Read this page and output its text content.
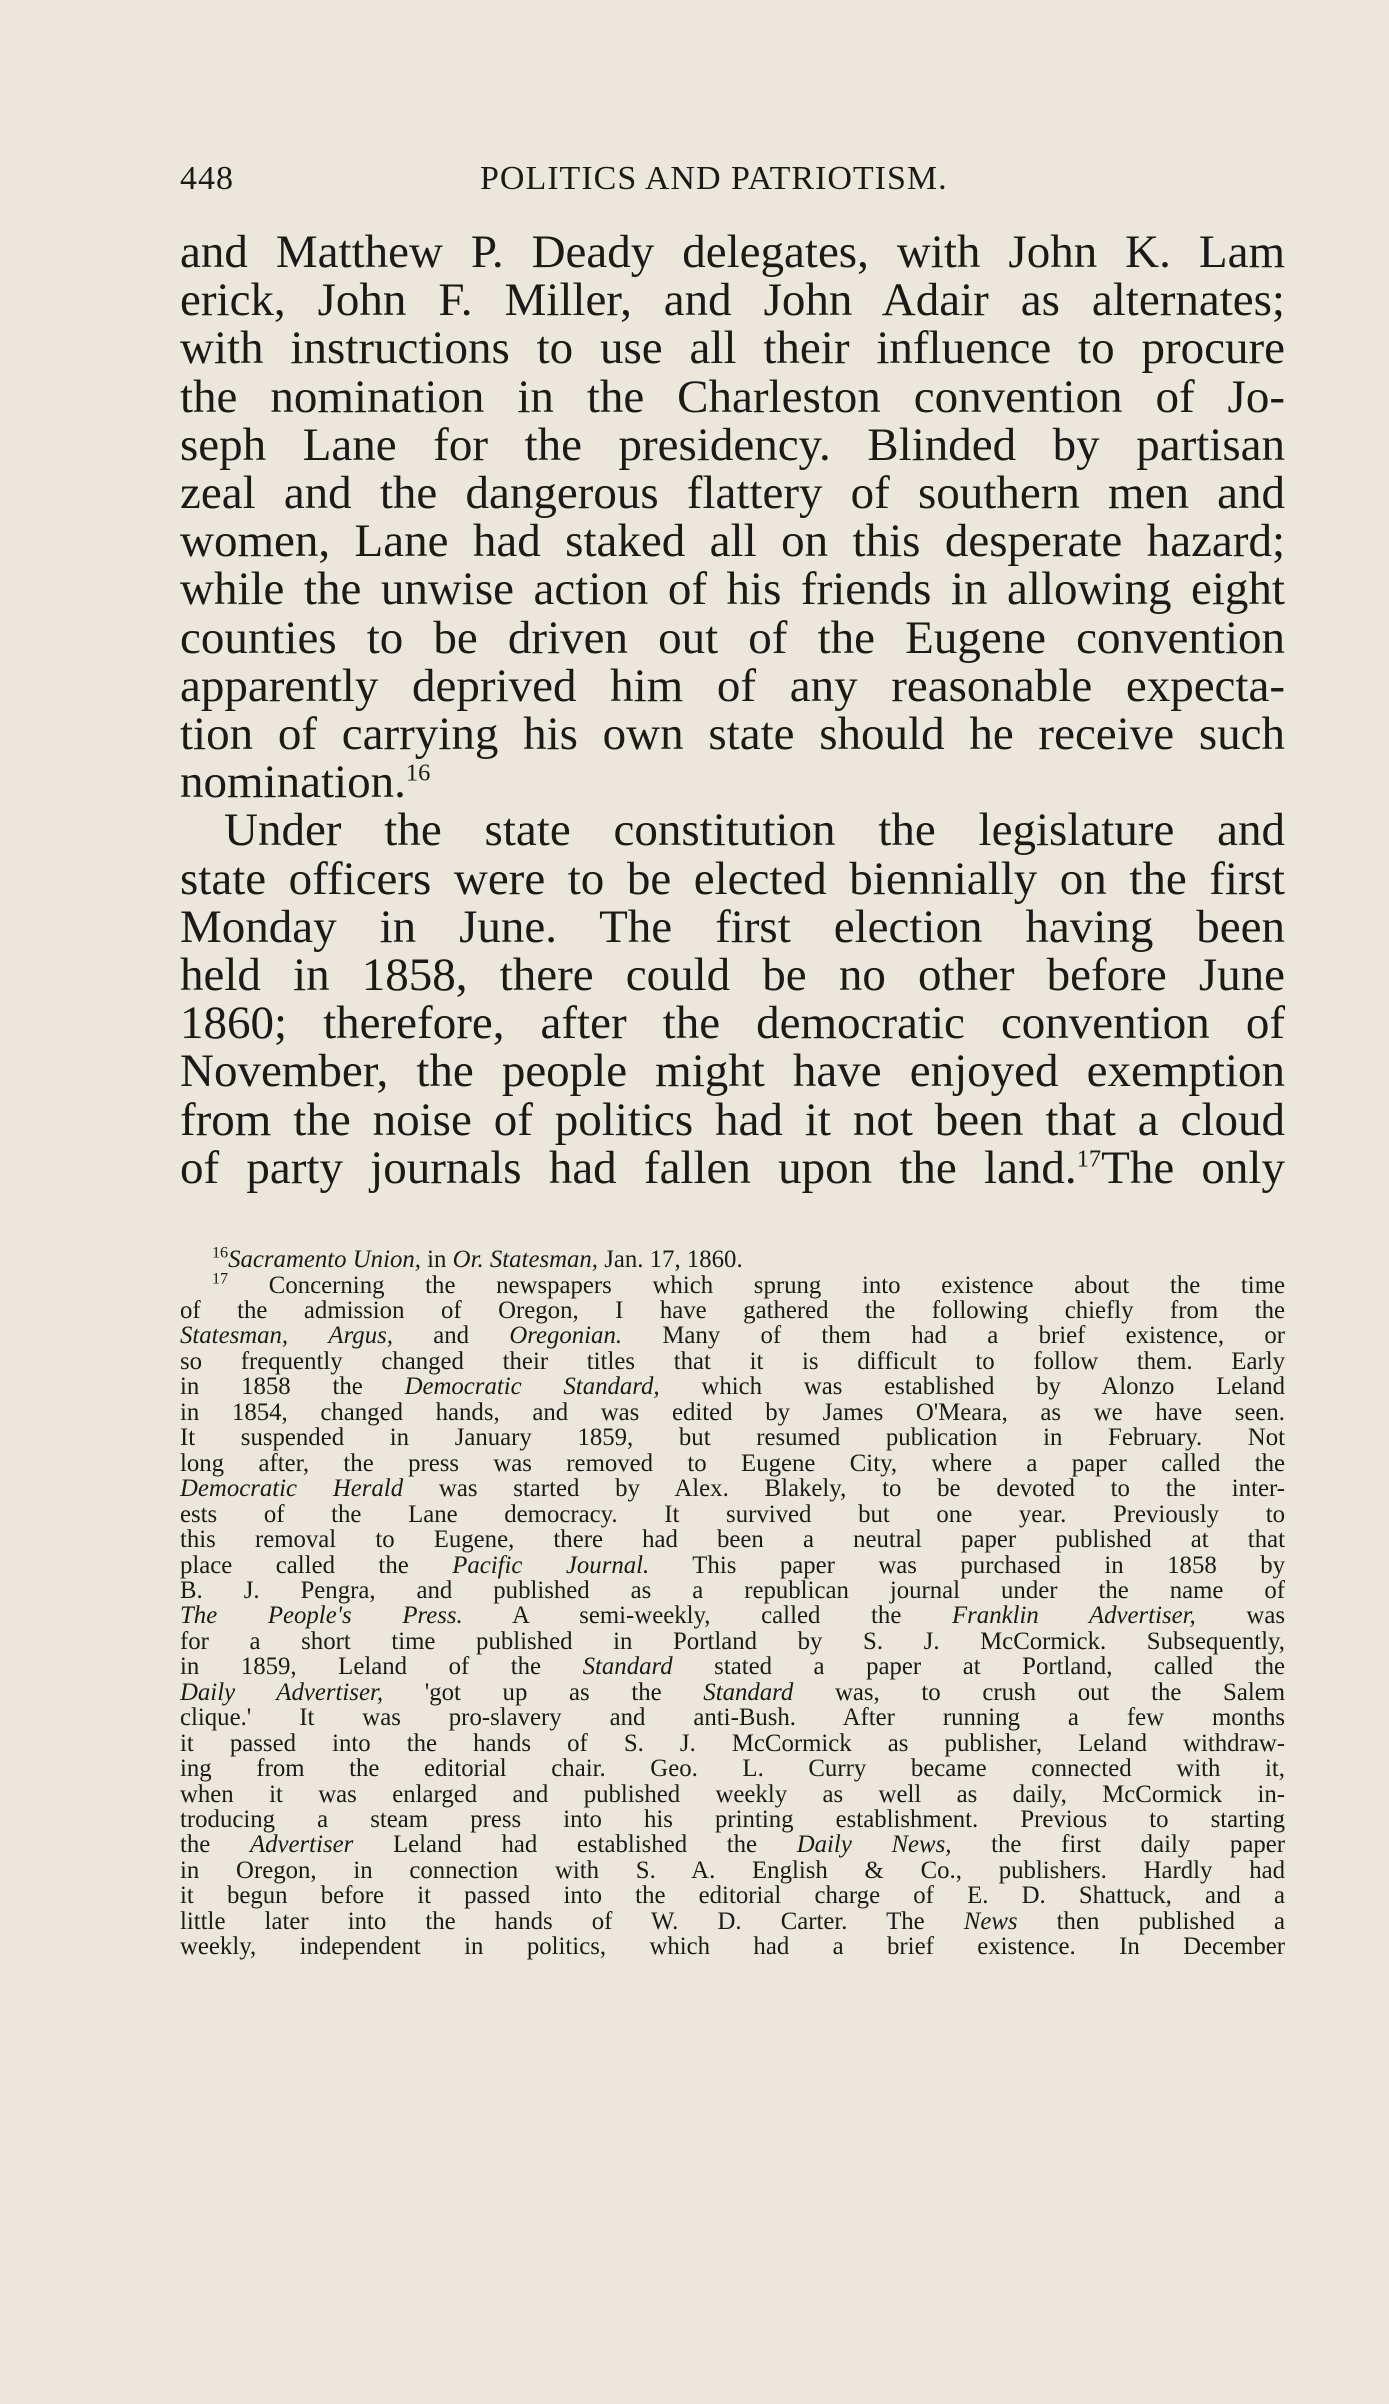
448	POLITICS AND PATRIOTISM.
and Matthew P. Deady delegates, with John K. Lam
erick, John F. Miller, and John Adair as alternates;
with instructions to use all their influence to procure
the nomination in the Charleston convention of Jo-
seph Lane for the presidency. Blinded by partisan
zeal and the dangerous flattery of southern men and
women, Lane had staked all on this desperate hazard;
while the unwise action of his friends in allowing eight
counties to be driven out of the Eugene convention
apparently deprived him of any reasonable expecta-
tion of carrying his own state should he receive such
nomination.$^{16}$
Under the state constitution the legislature and
state officers were to be elected biennially on the first
Monday in June. The first election having been
held in 1858, there could be no other before June
1860; therefore, after the democratic convention of
November, the people might have enjoyed exemption
from the noise of politics had it not been that a cloud
of party journals had fallen upon the land.$^{17}$The only
$^{16}$Sacramento Union, in Or. Statesman, Jan. 17, 1860.
$^{17}$ Concerning the newspapers which sprung into existence about the time
of the admission of Oregon, I have gathered the following chiefly from the
Statesman, Argus, and Oregonian. Many of them had a brief existence, or
so frequently changed their titles that it is difficult to follow them. Early
in 1858 the Democratic Standard, which was established by Alonzo Leland
in 1854, changed hands, and was edited by James O'Meara, as we have seen.
It suspended in January 1859, but resumed publication in February. Not
long after, the press was removed to Eugene City, where a paper called the
Democratic Herald was started by Alex. Blakely, to be devoted to the inter-
ests of the Lane democracy. It survived but one year. Previously to
this removal to Eugene, there had been a neutral paper published at that
place called the Pacific Journal. This paper was purchased in 1858 by
B. J. Pengra, and published as a republican journal under the name of
The People's Press. A semi-weekly, called the Franklin Advertiser, was
for a short time published in Portland by S. J. McCormick. Subsequently,
in 1859, Leland of the Standard stated a paper at Portland, called the
Daily Advertiser, 'got up as the Standard was, to crush out the Salem
clique.' It was pro-slavery and anti-Bush. After running a few months
it passed into the hands of S. J. McCormick as publisher, Leland withdraw-
ing from the editorial chair. Geo. L. Curry became connected with it,
when it was enlarged and published weekly as well as daily, McCormick in-
troducing a steam press into his printing establishment. Previous to starting
the Advertiser Leland had established the Daily News, the first daily paper
in Oregon, in connection with S. A. English & Co., publishers. Hardly had
it begun before it passed into the editorial charge of E. D. Shattuck, and a
little later into the hands of W. D. Carter. The News then published a
weekly, independent in politics, which had a brief existence. In December
